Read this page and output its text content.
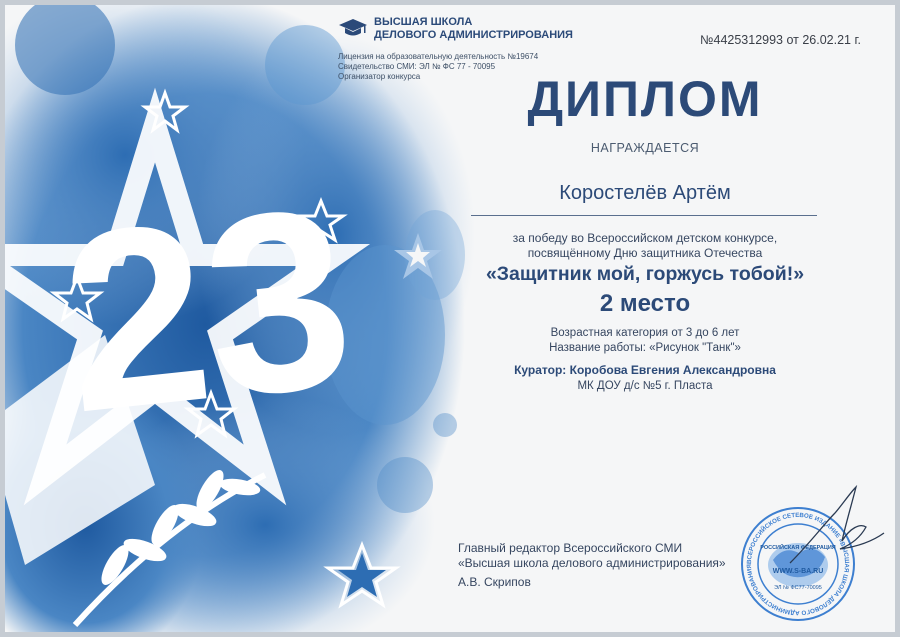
23
ВЫСШАЯ ШКОЛА
ДЕЛОВОГО АДМИНИСТРИРОВАНИЯ
Лицензия на образовательную деятельность №19674
Свидетельство СМИ: ЭЛ № ФС 77 - 70095
Организатор конкурса
№4425312993 от 26.02.21 г.
ДИПЛОМ
НАГРАЖДАЕТСЯ
Коростелёв Артём
за победу во Всероссийском детском конкурсе,
посвящённому Дню защитника Отечества
«Защитник мой, горжусь тобой!»
2 место
Возрастная категория от 3 до 6 лет
Название работы: «Рисунок "Танк"»
Куратор: Коробова Евгения Александровна
МК ДОУ д/с №5 г. Пласта
Главный редактор Всероссийского СМИ
«Высшая школа делового администрирования»
А.В. Скрипов
ВСЕРОССИЙСКОЕ СЕТЕВОЕ ИЗДАНИЕ «ВЫСШАЯ ШКОЛА ДЕЛОВОГО АДМИНИСТРИРОВАНИЯ
РОССИЙСКАЯ ФЕДЕРАЦИЯ
WWW.S-BA.RU
ЭЛ № ФС77-70095
